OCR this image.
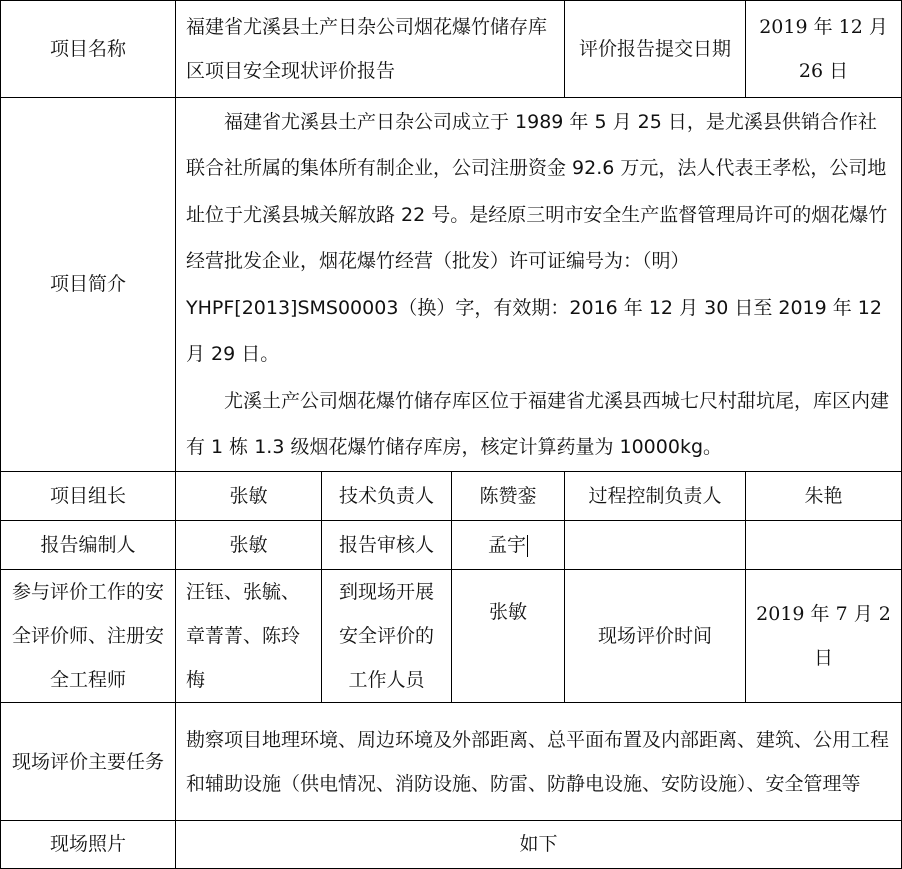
项目名称	福建省尤溪县土产日杂公司烟花爆竹储存库区项目安全现状评价报告			评价报告提交日期	2019 年 12 月 26 日
项目简介	福建省尤溪县土产日杂公司成立于 1989 年 5 月 25 日，是尤溪县供销合作社联合社所属的集体所有制企业，公司注册资金 92.6 万元，法人代表王孝松，公司地址位于尤溪县城关解放路 22 号。是经原三明市安全生产监督管理局许可的烟花爆竹经营批发企业，烟花爆竹经营（批发）许可证编号为：（明）YHPF[2013]SMS00003（换）字，有效期：2016 年 12 月 30 日至 2019 年 12 月 29 日。
尤溪土产公司烟花爆竹储存库区位于福建省尤溪县西城七尺村甜坑尾，库区内建有 1 栋 1.3 级烟花爆竹储存库房，核定计算药量为 10000kg。				

项目组长	张敏	技术负责人	陈赞銮	过程控制负责人	朱艳
报告编制人	张敏	报告审核人	孟宇		
参与评价工作的安全评价师、注册安全工程师	汪钰、张毓、章菁菁、陈玲梅	到现场开展安全评价的工作人员	张敏	现场评价时间	2019 年 7 月 2 日
现场评价主要任务	勘察项目地理环境、周边环境及外部距离、总平面布置及内部距离、建筑、公用工程和辅助设施（供电情况、消防设施、防雷、防静电设施、安防设施）、安全管理等				
现场照片	如下				
